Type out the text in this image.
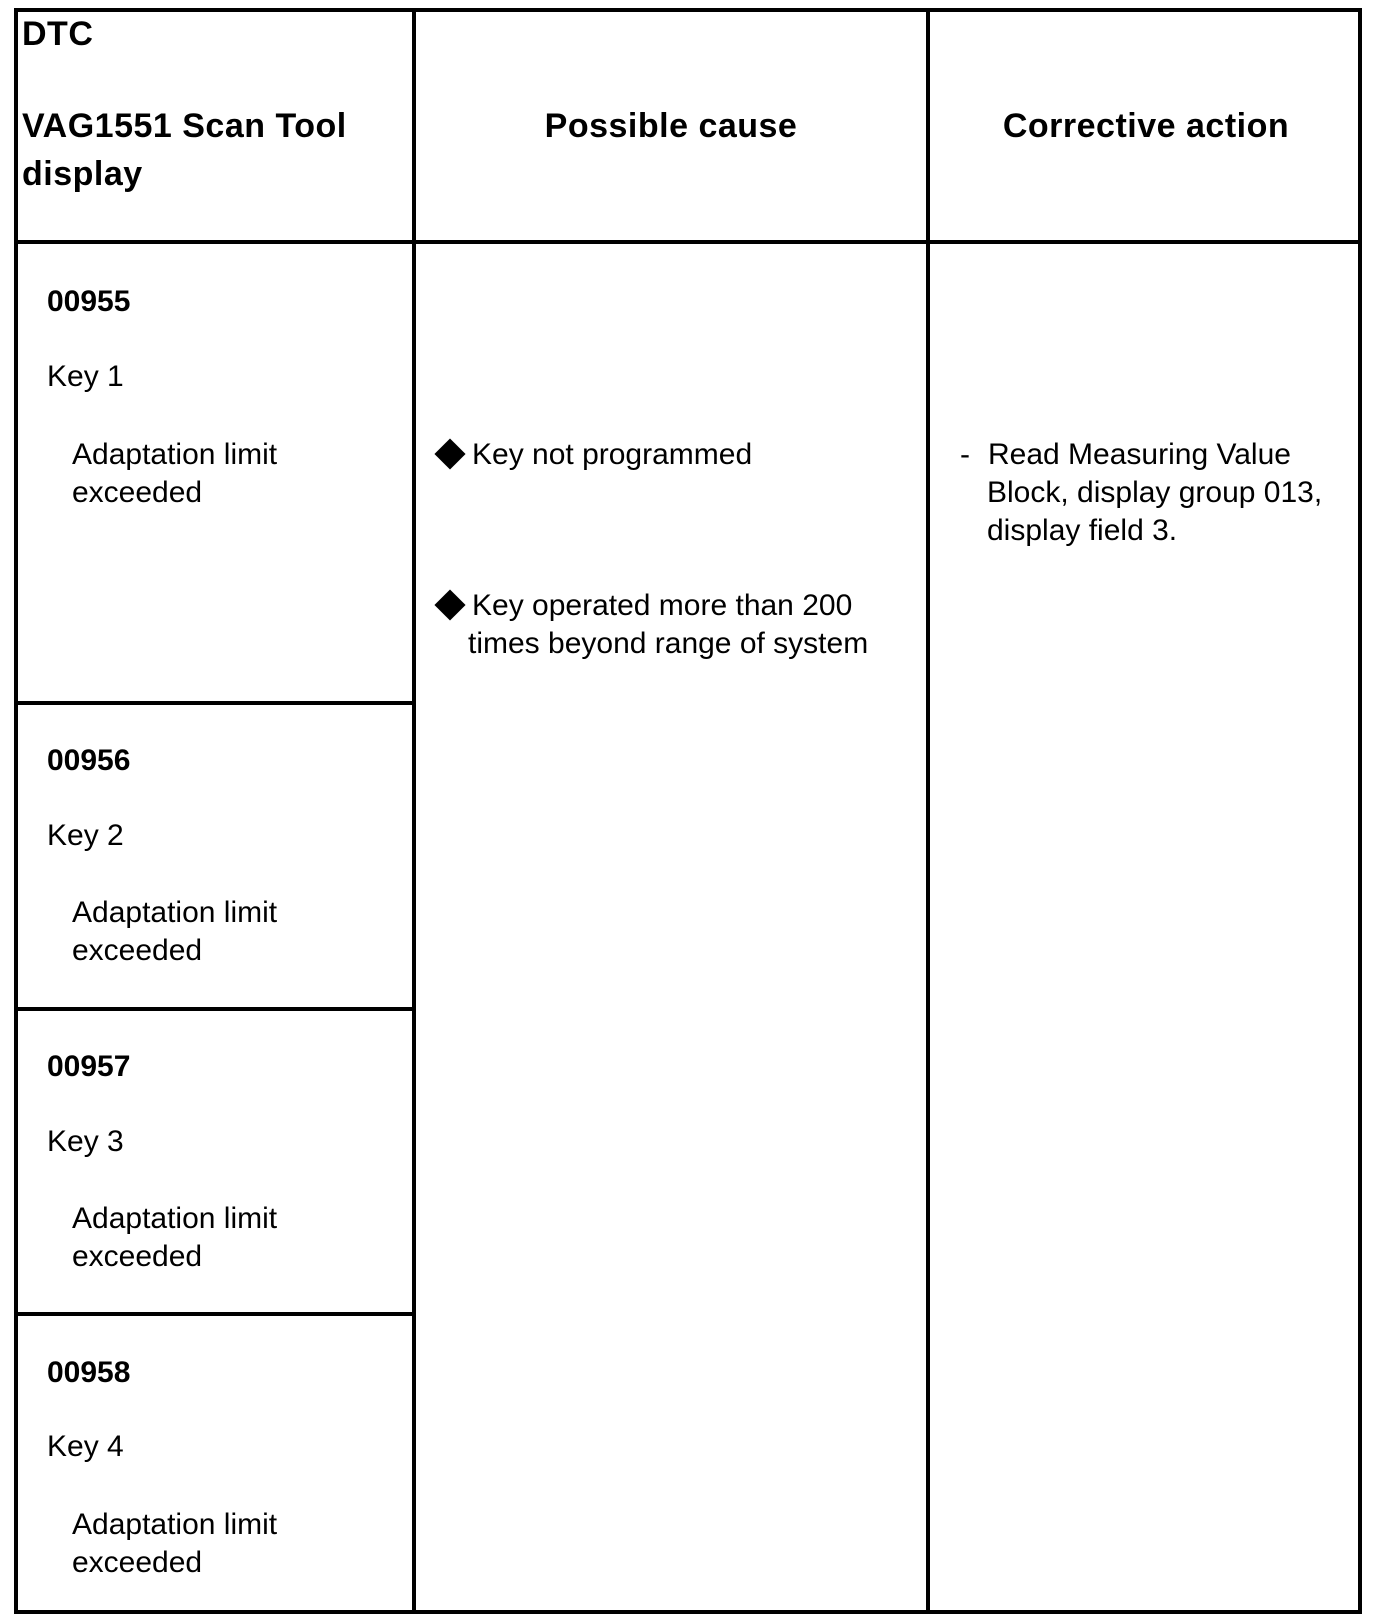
DTC
VAG1551 Scan Tool
display
Possible cause	Corrective action
00955
Key 1
Adaptation limit
exceeded
00956
Key 2
Adaptation limit
exceeded
00957
Key 3
Adaptation limit
exceeded
00958
Key 4
Adaptation limit
exceeded
Key not programmed
Key operated more than 200
times beyond range of system
- Read Measuring Value
Block, display group 013,
display field 3.
